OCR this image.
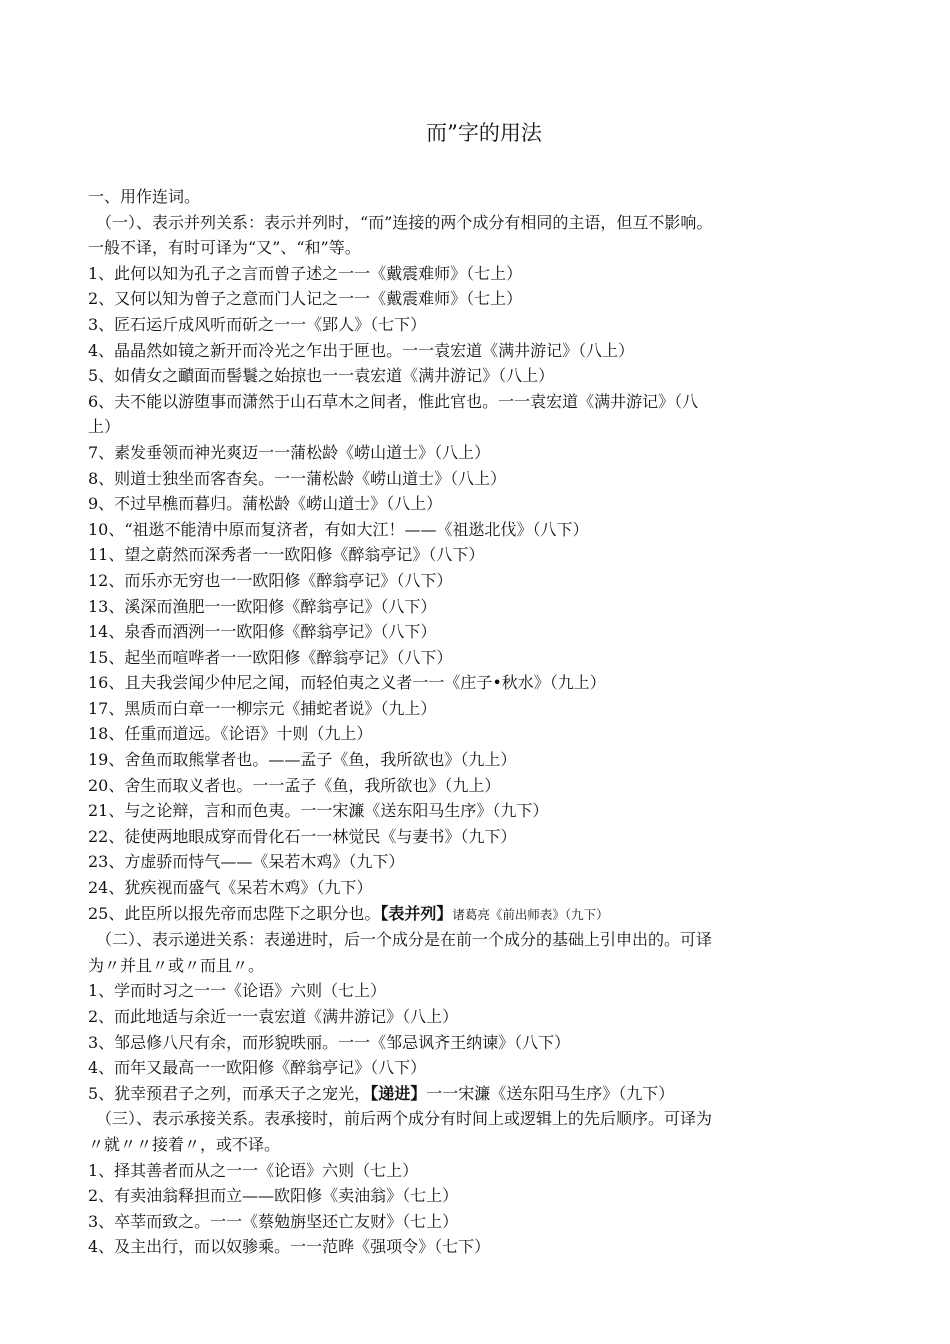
而”字的用法
一、用作连词。
（一）、表示并列关系：表示并列时，“而”连接的两个成分有相同的主语，但互不影响。
一般不译，有时可译为“又”、“和”等。
1、此何以知为孔子之言而曾子述之一一《戴震难师》（七上）
2、又何以知为曾子之意而门人记之一一《戴震难师》（七上）
3、匠石运斤成风听而斫之一一《郢人》（七下）
4、晶晶然如镜之新开而冷光之乍出于匣也。一一袁宏道《满井游记》（八上）
5、如倩女之靧面而髻鬟之始掠也一一袁宏道《满井游记》（八上）
6、夫不能以游堕事而潇然于山石草木之间者，惟此官也。一一袁宏道《满井游记》（八
上）
7、素发垂领而神光爽迈一一蒲松龄《崂山道士》（八上）
8、则道士独坐而客杳矣。一一蒲松龄《崂山道士》（八上）
9、不过早樵而暮归。蒲松龄《崂山道士》（八上）
10、“祖逖不能清中原而复济者，有如大江！——《祖逖北伐》（八下）
11、望之蔚然而深秀者一一欧阳修《醉翁亭记》（八下）
12、而乐亦无穷也一一欧阳修《醉翁亭记》（八下）
13、溪深而渔肥一一欧阳修《醉翁亭记》（八下）
14、泉香而酒洌一一欧阳修《醉翁亭记》（八下）
15、起坐而喧哗者一一欧阳修《醉翁亭记》（八下）
16、且夫我尝闻少仲尼之闻，而轻伯夷之义者一一《庄子•秋水》（九上）
17、黑质而白章一一柳宗元《捕蛇者说》（九上）
18、任重而道远。《论语》十则（九上）
19、舍鱼而取熊掌者也。——孟子《鱼，我所欲也》（九上）
20、舍生而取义者也。一一孟子《鱼，我所欲也》（九上）
21、与之论辩，言和而色夷。一一宋濂《送东阳马生序》（九下）
22、徒使两地眼成穿而骨化石一一林觉民《与妻书》（九下）
23、方虚骄而恃气——《呆若木鸡》（九下）
24、犹疾视而盛气《呆若木鸡》（九下）
25、此臣所以报先帝而忠陛下之职分也。【表并列】诸葛亮《前出师表》（九下）
（二）、表示递进关系：表递进时，后一个成分是在前一个成分的基础上引申出的。可译
为〃并且〃或〃而且〃。
1、学而时习之一一《论语》六则（七上）
2、而此地适与余近一一袁宏道《满井游记》（八上）
3、邹忌修八尺有余，而形貌昳丽。一一《邹忌讽齐王纳谏》（八下）
4、而年又最高一一欧阳修《醉翁亭记》（八下）
5、犹幸预君子之列，而承天子之宠光，【递进】一一宋濂《送东阳马生序》（九下）
（三）、表示承接关系。表承接时，前后两个成分有时间上或逻辑上的先后顺序。可译为
〃就〃〃接着〃，或不译。
1、择其善者而从之一一《论语》六则（七上）
2、有卖油翁释担而立——欧阳修《卖油翁》（七上）
3、卒莘而致之。一一《蔡勉旃坚还亡友财》（七上）
4、及主出行，而以奴骖乘。一一范晔《强项令》（七下）
